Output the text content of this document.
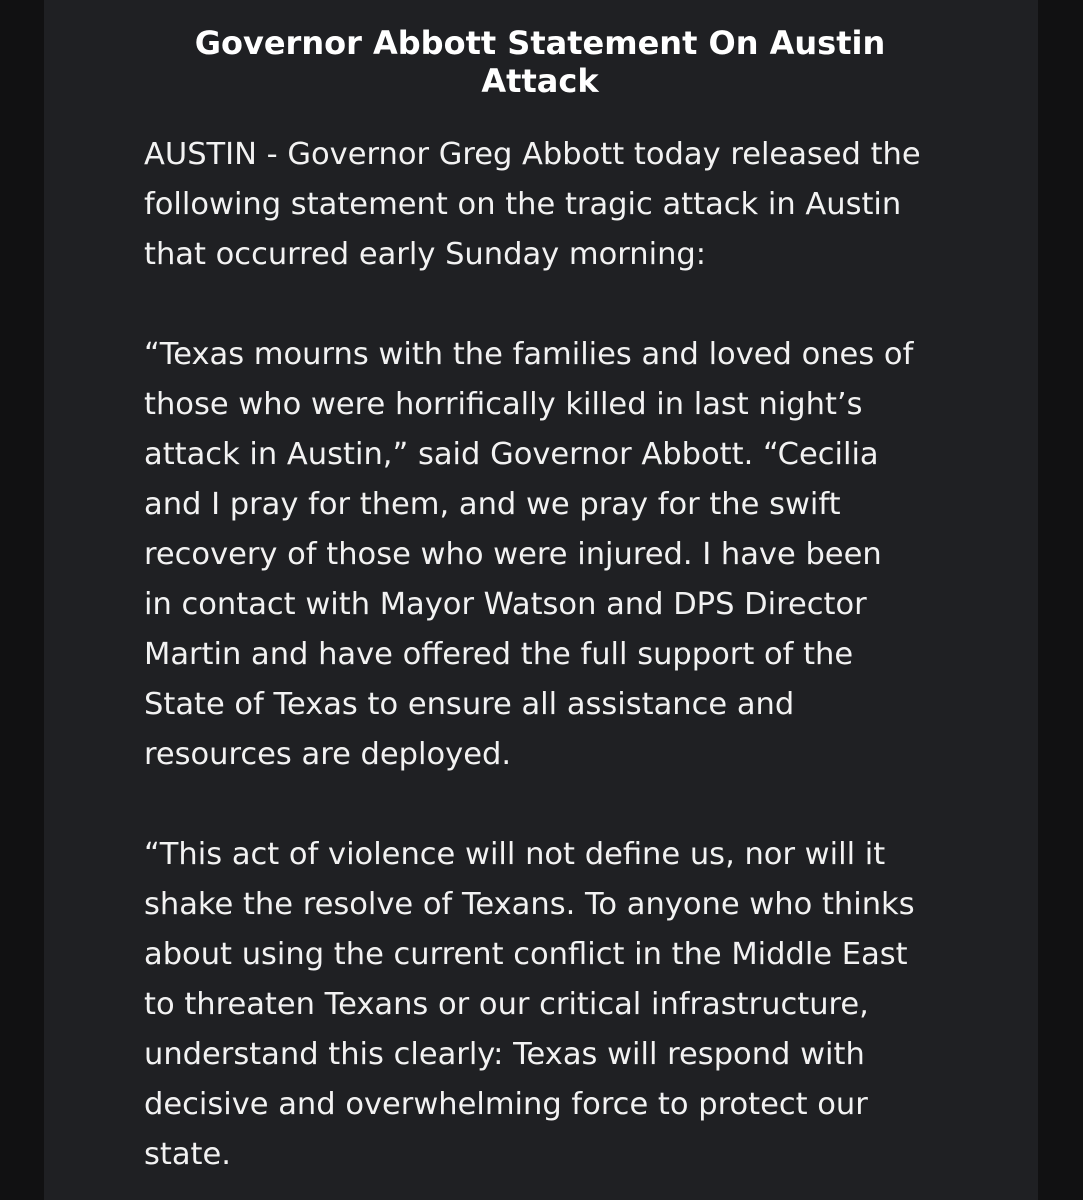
Governor Abbott Statement On Austin Attack

AUSTIN - Governor Greg Abbott today released the
following statement on the tragic attack in Austin
that occurred early Sunday morning:

“Texas mourns with the families and loved ones of
those who were horrifically killed in last night’s
attack in Austin,” said Governor Abbott. “Cecilia
and I pray for them, and we pray for the swift
recovery of those who were injured. I have been
in contact with Mayor Watson and DPS Director
Martin and have offered the full support of the
State of Texas to ensure all assistance and
resources are deployed.

“This act of violence will not define us, nor will it
shake the resolve of Texans. To anyone who thinks
about using the current conflict in the Middle East
to threaten Texans or our critical infrastructure,
understand this clearly: Texas will respond with
decisive and overwhelming force to protect our
state.
